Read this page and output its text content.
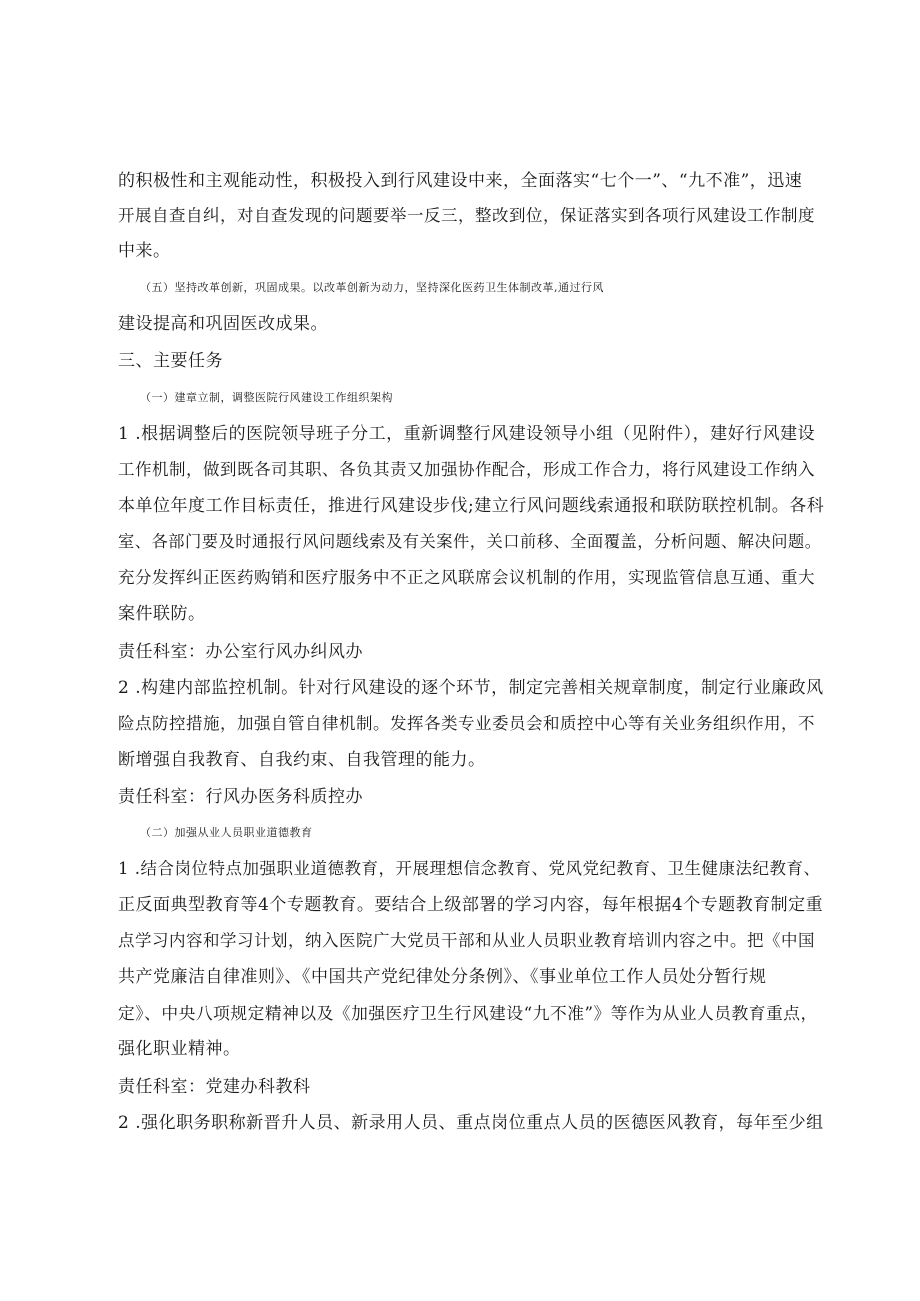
的积极性和主观能动性，积极投入到行风建设中来，全面落实“七个一”、“九不准”，迅速
开展自查自纠，对自查发现的问题要举一反三，整改到位，保证落实到各项行风建设工作制度
中来。
（五）坚持改革创新，巩固成果。以改革创新为动力，坚持深化医药卫生体制改革,通过行风
建设提高和巩固医改成果。
三、主要任务
（一）建章立制，调整医院行风建设工作组织架构
1 .根据调整后的医院领导班子分工，重新调整行风建设领导小组（见附件），建好行风建设
工作机制，做到既各司其职、各负其责又加强协作配合，形成工作合力，将行风建设工作纳入
本单位年度工作目标责任，推进行风建设步伐;建立行风问题线索通报和联防联控机制。各科
室、各部门要及时通报行风问题线索及有关案件，关口前移、全面覆盖，分析问题、解决问题。
充分发挥纠正医药购销和医疗服务中不正之风联席会议机制的作用，实现监管信息互通、重大
案件联防。
责任科室：办公室行风办纠风办
2 .构建内部监控机制。针对行风建设的逐个环节，制定完善相关规章制度，制定行业廉政风
险点防控措施，加强自管自律机制。发挥各类专业委员会和质控中心等有关业务组织作用，不
断增强自我教育、自我约束、自我管理的能力。
责任科室：行风办医务科质控办
（二）加强从业人员职业道德教育
1 .结合岗位特点加强职业道德教育，开展理想信念教育、党风党纪教育、卫生健康法纪教育、
正反面典型教育等4个专题教育。要结合上级部署的学习内容，每年根据4个专题教育制定重
点学习内容和学习计划，纳入医院广大党员干部和从业人员职业教育培训内容之中。把《中国
共产党廉洁自律准则》、《中国共产党纪律处分条例》、《事业单位工作人员处分暂行规
定》、中央八项规定精神以及《加强医疗卫生行风建设“九不准”》等作为从业人员教育重点，
强化职业精神。
责任科室：党建办科教科
2 .强化职务职称新晋升人员、新录用人员、重点岗位重点人员的医德医风教育，每年至少组
